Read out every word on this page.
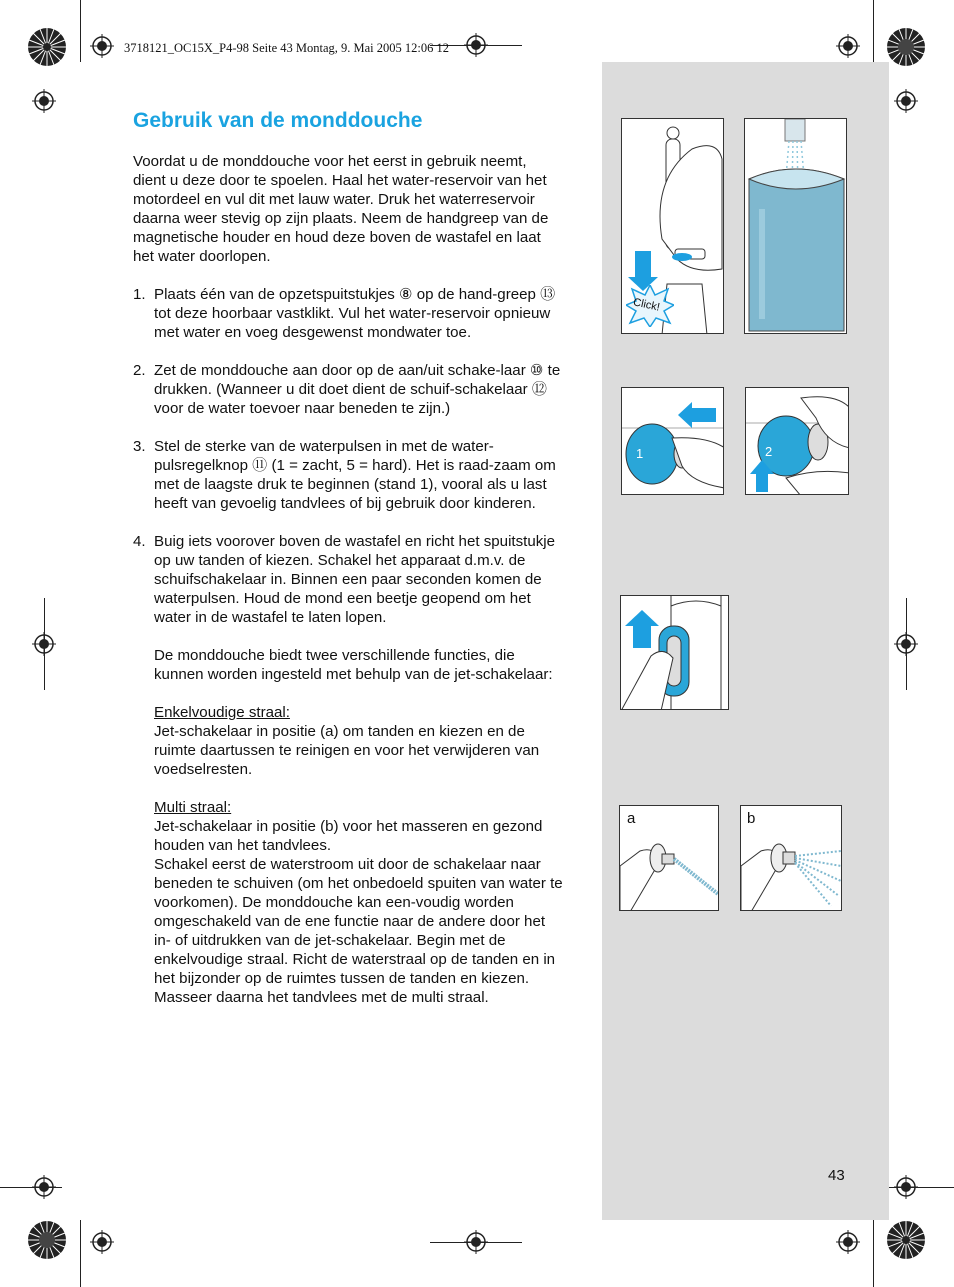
3718121_OC15X_P4-98 Seite 43 Montag, 9. Mai 2005 12:06 12
Gebruik van de monddouche

Voordat u de monddouche voor het eerst in gebruik neemt, dient u deze door te spoelen. Haal het water-reservoir van het motordeel en vul dit met lauw water. Druk het waterreservoir daarna weer stevig op zijn plaats. Neem de handgreep van de magnetische houder en houd deze boven de wastafel en laat het water doorlopen.

1. Plaats één van de opzetspuitstukjes ⑧ op de hand-greep ⑬ tot deze hoorbaar vastklikt. Vul het water-reservoir opnieuw met water en voeg desgewenst mondwater toe.
2. Zet de monddouche aan door op de aan/uit schake-laar ⑩ te drukken. (Wanneer u dit doet dient de schuif-schakelaar ⑫ voor de water toevoer naar beneden te zijn.)
3. Stel de sterke van de waterpulsen in met de water-pulsregelknop ⑪ (1 = zacht, 5 = hard). Het is raad-zaam om met de laagste druk te beginnen (stand 1), vooral als u last heeft van gevoelig tandvlees of bij gebruik door kinderen.
4. Buig iets voorover boven de wastafel en richt het spuitstukje op uw tanden of kiezen. Schakel het apparaat d.m.v. de schuifschakelaar in. Binnen een paar seconden komen de waterpulsen. Houd de mond een beetje geopend om het water in de wastafel te laten lopen.

De monddouche biedt twee verschillende functies, die kunnen worden ingesteld met behulp van de jet-schakelaar:

Enkelvoudige straal:

Jet-schakelaar in positie (a) om tanden en kiezen en de ruimte daartussen te reinigen en voor het verwijderen van voedselresten.

Multi straal:

Jet-schakelaar in positie (b) voor het masseren en gezond houden van het tandvlees.

Schakel eerst de waterstroom uit door de schakelaar naar beneden te schuiven (om het onbedoeld spuiten van water te voorkomen). De monddouche kan een-voudig worden omgeschakeld van de ene functie naar de andere door het in- of uitdrukken van de jet-schakelaar. Begin met de enkelvoudige straal. Richt de waterstraal op de tanden en in het bijzonder op de ruimtes tussen de tanden en kiezen. Masseer daarna het tandvlees met de multi straal.

Click!
1	2
a	b
43
